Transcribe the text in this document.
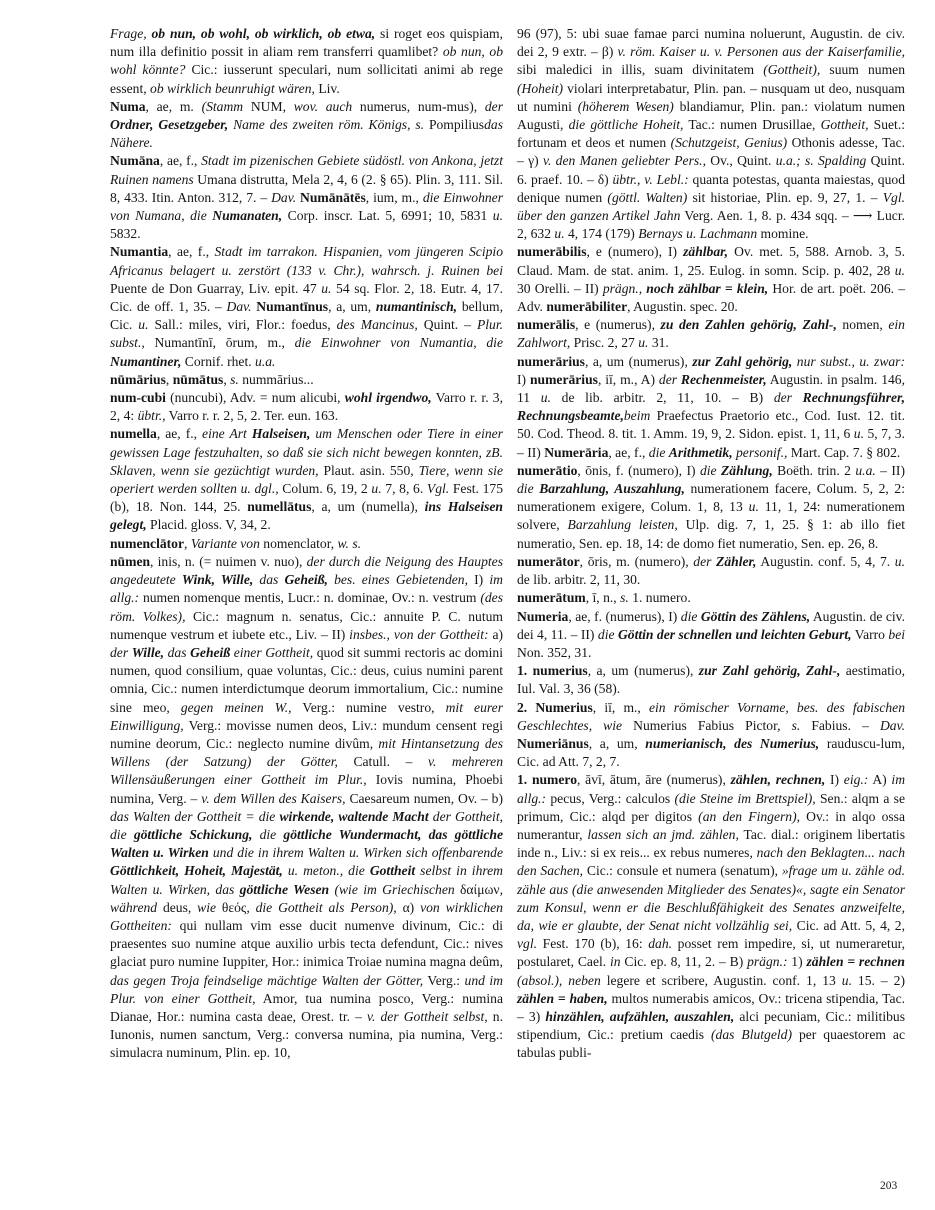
Frage, ob nun, ob wohl, ob wirklich, ob etwa, si roget eos quispiam, num illa definitio possit in aliam rem transferri quamlibet? ob nun, ob wohl könnte? Cic.: iusserunt speculari, num sollicitati animi ab rege essent, ob wirklich beunruhigt wären, Liv.

Numa, ae, m. (Stamm NUM, wov. auch numerus, num-mus), der Ordner, Gesetzgeber, Name des zweiten röm. Königs, s. Pompiliusdas Nähere.

Numāna, ae, f., Stadt im pizenischen Gebiete südöstl. von Ankona, jetzt Ruinen namens Umana distrutta, Mela 2, 4, 6 (2. § 65). Plin. 3, 111. Sil. 8, 433. Itin. Anton. 312, 7. – Dav. Numānātēs, ium, m., die Einwohner von Numana, die Numanaten, Corp. inscr. Lat. 5, 6991; 10, 5831 u. 5832.

Numantia, ae, f., Stadt im tarrakon. Hispanien, vom jüngeren Scipio Africanus belagert u. zerstört (133 v. Chr.), wahrsch. j. Ruinen bei Puente de Don Guarray, Liv. epit. 47 u. 54 sq. Flor. 2, 18. Eutr. 4, 17. Cic. de off. 1, 35. – Dav. Numantīnus, a, um, numantinisch, bellum, Cic. u. Sall.: miles, viri, Flor.: foedus, des Mancinus, Quint. – Plur. subst., Numantīnī, ōrum, m., die Einwohner von Numantia, die Numantiner, Cornif. rhet. u.a.

nūmārius, nūmātus, s. nummārius...

num-cubi (nuncubi), Adv. = num alicubi, wohl irgendwo, Varro r. r. 3, 2, 4: übtr., Varro r. r. 2, 5, 2. Ter. eun. 163.

numella, ae, f., eine Art Halseisen, um Menschen oder Tiere in einer gewissen Lage festzuhalten, so daß sie sich nicht bewegen konnten, zB. Sklaven, wenn sie gezüchtigt wurden, Plaut. asin. 550, Tiere, wenn sie operiert werden sollten u. dgl., Colum. 6, 19, 2 u. 7, 8, 6. Vgl. Fest. 175 (b), 18. Non. 144, 25. numellātus, a, um (numella), ins Halseisen gelegt, Placid. gloss. V, 34, 2.

numenclātor, Variante von nomenclator, w. s.

nūmen, inis, n. (= nuimen v. nuo), der durch die Neigung des Hauptes angedeutete Wink, Wille, das Geheiß, bes. eines Gebietenden, I) im allg.: numen nomenque mentis, Lucr.: n. dominae, Ov.: n. vestrum (des röm. Volkes), Cic.: magnum n. senatus, Cic.: annuite P. C. nutum numenque vestrum et iubete etc., Liv. – II) insbes., von der Gottheit: a) der Wille, das Geheiß einer Gottheit, quod sit summi rectoris ac domini numen, quod consilium, quae voluntas, Cic.: deus, cuius numini parent omnia, Cic.: numen interdictumque deorum immortalium, Cic.: numine sine meo, gegen meinen W., Verg.: numine vestro, mit eurer Einwilligung, Verg.: movisse numen deos, Liv.: mundum censent regi numine deorum, Cic.: neglecto numine divûm, mit Hintansetzung des Willens (der Satzung) der Götter, Catull. – v. mehreren Willensäußerungen einer Gottheit im Plur., Iovis numina, Phoebi numina, Verg. – v. dem Willen des Kaisers, Caesareum numen, Ov. – b) das Walten der Gottheit = die wirkende, waltende Macht der Gottheit, die göttliche Schickung, die göttliche Wundermacht, das göttliche Walten u. Wirken und die in ihrem Walten u. Wirken sich offenbarende Göttlichkeit, Hoheit, Majestät, u. meton., die Gottheit selbst in ihrem Walten u. Wirken, das göttliche Wesen (wie im Griechischen δαίμων, während deus, wie θεός, die Gottheit als Person), α) von wirklichen Gottheiten: qui nullam vim esse ducit numenve divinum, Cic.: di praesentes suo numine atque auxilio urbis tecta defendunt, Cic.: nives glaciat puro numine Iuppiter, Hor.: inimica Troiae numina magna deûm, das gegen Troja feindselige mächtige Walten der Götter, Verg.: und im Plur. von einer Gottheit, Amor, tua numina posco, Verg.: numina Dianae, Hor.: numina casta deae, Orest. tr. – v. der Gottheit selbst, n. Iunonis, numen sanctum, Verg.: conversa numina, pia numina, Verg.: simulacra numinum, Plin. ep. 10,

96 (97), 5: ubi suae famae parci numina noluerunt, Augustin. de civ. dei 2, 9 extr. – β) v. röm. Kaiser u. v. Personen aus der Kaiserfamilie, sibi maledici in illis, suam divinitatem (Gottheit), suum numen (Hoheit) violari interpretabatur, Plin. pan. – nusquam ut deo, nusquam ut numini (höherem Wesen) blandiamur, Plin. pan.: violatum numen Augusti, die göttliche Hoheit, Tac.: numen Drusillae, Gottheit, Suet.: fortunam et deos et numen (Schutzgeist, Genius) Othonis adesse, Tac. – γ) v. den Manen geliebter Pers., Ov., Quint. u.a.; s. Spalding Quint. 6. praef. 10. – δ) übtr., v. Lebl.: quanta potestas, quanta maiestas, quod denique numen (göttl. Walten) sit historiae, Plin. ep. 9, 27, 1. – Vgl. über den ganzen Artikel Jahn Verg. Aen. 1, 8. p. 434 sqq. – ⟶ Lucr. 2, 632 u. 4, 174 (179) Bernays u. Lachmann momine.

numerābilis, e (numero), I) zählbar, Ov. met. 5, 588. Arnob. 3, 5. Claud. Mam. de stat. anim. 1, 25. Eulog. in somn. Scip. p. 402, 28 u. 30 Orelli. – II) prägn., noch zählbar = klein, Hor. de art. poët. 206. – Adv. numerābiliter, Augustin. spec. 20.

numerālis, e (numerus), zu den Zahlen gehörig, Zahl-, nomen, ein Zahlwort, Prisc. 2, 27 u. 31.

numerārius, a, um (numerus), zur Zahl gehörig, nur subst., u. zwar: I) numerārius, iī, m., A) der Rechenmeister, Augustin. in psalm. 146, 11 u. de lib. arbitr. 2, 11, 10. – B) der Rechnungsführer, Rechnungsbeamte,beim Praefectus Praetorio etc., Cod. Iust. 12. tit. 50. Cod. Theod. 8. tit. 1. Amm. 19, 9, 2. Sidon. epist. 1, 11, 6 u. 5, 7, 3. – II) Numerāria, ae, f., die Arithmetik, personif., Mart. Cap. 7. § 802.

numerātio, ōnis, f. (numero), I) die Zählung, Boëth. trin. 2 u.a. – II) die Barzahlung, Auszahlung, numerationem facere, Colum. 5, 2, 2: numerationem exigere, Colum. 1, 8, 13 u. 11, 1, 24: numerationem solvere, Barzahlung leisten, Ulp. dig. 7, 1, 25. § 1: ab illo fiet numeratio, Sen. ep. 18, 14: de domo fiet numeratio, Sen. ep. 26, 8.

numerātor, ōris, m. (numero), der Zähler, Augustin. conf. 5, 4, 7. u. de lib. arbitr. 2, 11, 30.

numerātum, ī, n., s. 1. numero.

Numeria, ae, f. (numerus), I) die Göttin des Zählens, Augustin. de civ. dei 4, 11. – II) die Göttin der schnellen und leichten Geburt, Varro bei Non. 352, 31.

1. numerius, a, um (numerus), zur Zahl gehörig, Zahl-, aestimatio, Iul. Val. 3, 36 (58).

2. Numerius, iī, m., ein römischer Vorname, bes. des fabischen Geschlechtes, wie Numerius Fabius Pictor, s. Fabius. – Dav. Numeriānus, a, um, numerianisch, des Numerius, rauduscu-lum, Cic. ad Att. 7, 2, 7.

1. numero, āvī, ātum, āre (numerus), zählen, rechnen, I) eig.: A) im allg.: pecus, Verg.: calculos (die Steine im Brettspiel), Sen.: alqm a se primum, Cic.: alqd per digitos (an den Fingern), Ov.: in alqo ossa numerantur, lassen sich an jmd. zählen, Tac. dial.: originem libertatis inde n., Liv.: si ex reis... ex rebus numeres, nach den Beklagten... nach den Sachen, Cic.: consule et numera (senatum), »frage um u. zähle od. zähle aus (die anwesenden Mitglieder des Senates)«, sagte ein Senator zum Konsul, wenn er die Beschlußfähigkeit des Senates anzweifelte, da, wie er glaubte, der Senat nicht vollzählig sei, Cic. ad Att. 5, 4, 2, vgl. Fest. 170 (b), 16: dah. posset rem impedire, si, ut numeraretur, postularet, Cael. in Cic. ep. 8, 11, 2. – B) prägn.: 1) zählen = rechnen (absol.), neben legere et scribere, Augustin. conf. 1, 13 u. 15. – 2) zählen = haben, multos numerabis amicos, Ov.: tricena stipendia, Tac. – 3) hinzählen, aufzählen, auszahlen, alci pecuniam, Cic.: militibus stipendium, Cic.: pretium caedis (das Blutgeld) per quaestorem ac tabulas publi-

203
